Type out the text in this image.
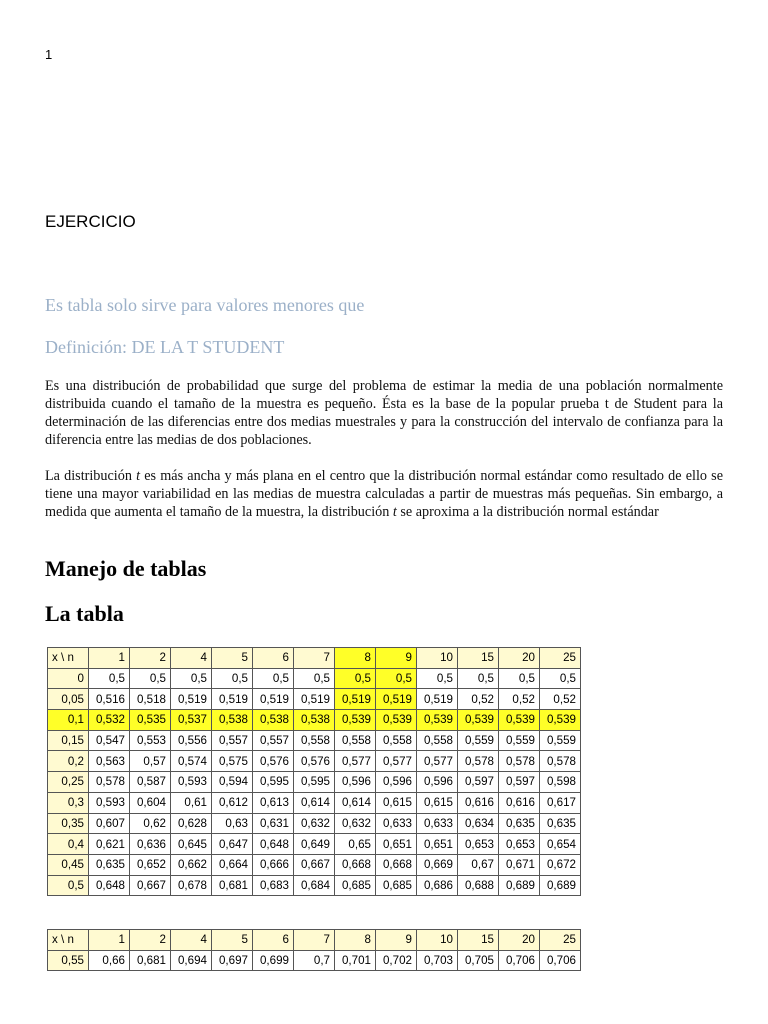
1
EJERCICIO
Es tabla solo sirve para valores menores que
Definición: DE LA T STUDENT

Es una distribución de probabilidad que surge del problema de estimar la media de una población normalmente distribuida cuando el tamaño de la muestra es pequeño. Ésta es la base de la popular prueba t de Student para la determinación de las diferencias entre dos medias muestrales y para la construcción del intervalo de confianza para la diferencia entre las medias de dos poblaciones.

La distribución t es más ancha y más plana en el centro que la distribución normal estándar como resultado de ello se tiene una mayor variabilidad en las medias de muestra calculadas a partir de muestras más pequeñas. Sin embargo, a medida que aumenta el tamaño de la muestra, la distribución t se aproxima a la distribución normal estándar

Manejo de tablas
La tabla
x \ n	1	2	4	5	6	7	8	9	10	15	20	25
0	0,5	0,5	0,5	0,5	0,5	0,5	0,5	0,5	0,5	0,5	0,5	0,5
0,05	0,516	0,518	0,519	0,519	0,519	0,519	0,519	0,519	0,519	0,52	0,52	0,52
0,1	0,532	0,535	0,537	0,538	0,538	0,538	0,539	0,539	0,539	0,539	0,539	0,539
0,15	0,547	0,553	0,556	0,557	0,557	0,558	0,558	0,558	0,558	0,559	0,559	0,559
0,2	0,563	0,57	0,574	0,575	0,576	0,576	0,577	0,577	0,577	0,578	0,578	0,578
0,25	0,578	0,587	0,593	0,594	0,595	0,595	0,596	0,596	0,596	0,597	0,597	0,598
0,3	0,593	0,604	0,61	0,612	0,613	0,614	0,614	0,615	0,615	0,616	0,616	0,617
0,35	0,607	0,62	0,628	0,63	0,631	0,632	0,632	0,633	0,633	0,634	0,635	0,635
0,4	0,621	0,636	0,645	0,647	0,648	0,649	0,65	0,651	0,651	0,653	0,653	0,654
0,45	0,635	0,652	0,662	0,664	0,666	0,667	0,668	0,668	0,669	0,67	0,671	0,672
0,5	0,648	0,667	0,678	0,681	0,683	0,684	0,685	0,685	0,686	0,688	0,689	0,689
x \ n	1	2	4	5	6	7	8	9	10	15	20	25
0,55	0,66	0,681	0,694	0,697	0,699	0,7	0,701	0,702	0,703	0,705	0,706	0,706
